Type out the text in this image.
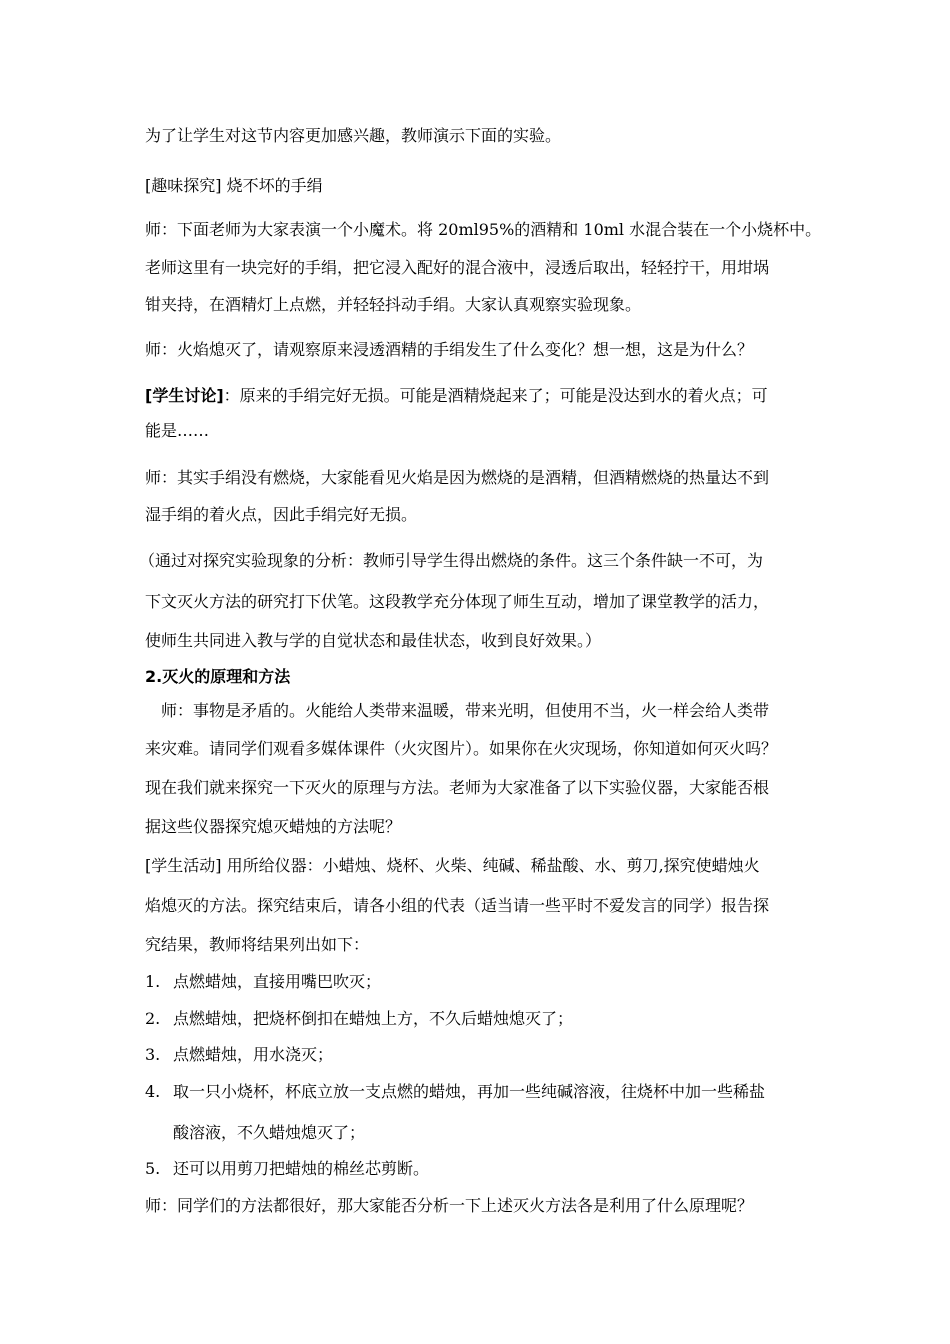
为了让学生对这节内容更加感兴趣，教师演示下面的实验。
[趣味探究] 烧不坏的手绢
师：下面老师为大家表演一个小魔术。将 20ml95%的酒精和 10ml 水混合装在一个小烧杯中。
老师这里有一块完好的手绢，把它浸入配好的混合液中，浸透后取出，轻轻拧干，用坩埚
钳夹持，在酒精灯上点燃，并轻轻抖动手绢。大家认真观察实验现象。
师：火焰熄灭了，请观察原来浸透酒精的手绢发生了什么变化？想一想，这是为什么？
[学生讨论]：原来的手绢完好无损。可能是酒精烧起来了；可能是没达到水的着火点；可
能是……
师：其实手绢没有燃烧，大家能看见火焰是因为燃烧的是酒精，但酒精燃烧的热量达不到
湿手绢的着火点，因此手绢完好无损。
（通过对探究实验现象的分析：教师引导学生得出燃烧的条件。这三个条件缺一不可，为
下文灭火方法的研究打下伏笔。这段教学充分体现了师生互动，增加了课堂教学的活力，
使师生共同进入教与学的自觉状态和最佳状态，收到良好效果。）
2.灭火的原理和方法
师：事物是矛盾的。火能给人类带来温暖，带来光明，但使用不当，火一样会给人类带
来灾难。请同学们观看多媒体课件（火灾图片）。如果你在火灾现场，你知道如何灭火吗？
现在我们就来探究一下灭火的原理与方法。老师为大家准备了以下实验仪器，大家能否根
据这些仪器探究熄灭蜡烛的方法呢？
[学生活动] 用所给仪器：小蜡烛、烧杯、火柴、纯碱、稀盐酸、水、剪刀,探究使蜡烛火
焰熄灭的方法。探究结束后，请各小组的代表（适当请一些平时不爱发言的同学）报告探
究结果，教师将结果列出如下：
1. 点燃蜡烛，直接用嘴巴吹灭；
2. 点燃蜡烛，把烧杯倒扣在蜡烛上方，不久后蜡烛熄灭了；
3. 点燃蜡烛，用水浇灭；
4. 取一只小烧杯，杯底立放一支点燃的蜡烛，再加一些纯碱溶液，往烧杯中加一些稀盐
酸溶液，不久蜡烛熄灭了；
5. 还可以用剪刀把蜡烛的棉丝芯剪断。
师：同学们的方法都很好，那大家能否分析一下上述灭火方法各是利用了什么原理呢？
